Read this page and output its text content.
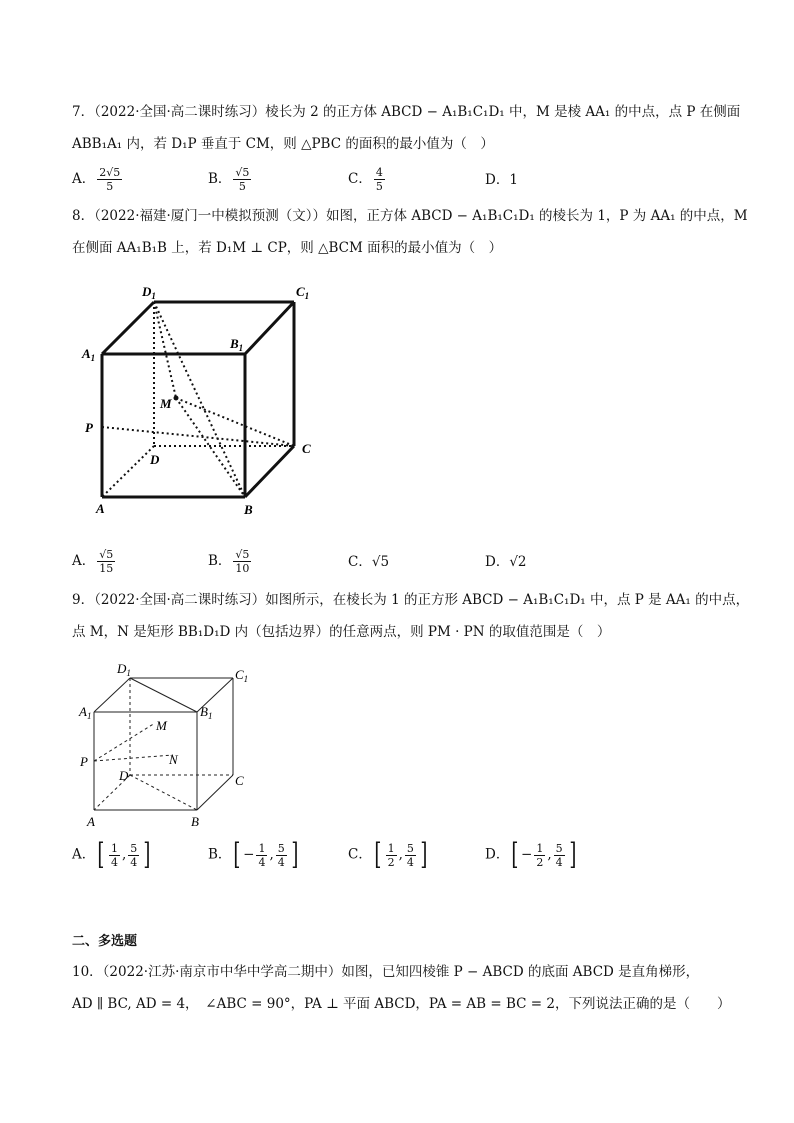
7．（2022·全国·高二课时练习）棱长为 2 的正方体 ABCD − A₁B₁C₁D₁ 中，M 是棱 AA₁ 的中点，点 P 在侧面
ABB₁A₁ 内，若 D₁P 垂直于 CM，则 △PBC 的面积的最小值为（　）
A． $\frac{2√5}{5}$	B． $\frac{√5}{5}$	C． $\frac{4}{5}$	D．1
8．（2022·福建·厦门一中模拟预测（文））如图，正方体 ABCD − A₁B₁C₁D₁ 的棱长为 1，P 为 AA₁ 的中点，M
在侧面 AA₁B₁B 上，若 D₁M ⊥ CP，则 △BCM 面积的最小值为（　）
$D_1$	$C_1$
$A_1$
$B_1$
M
P
D
C
A	B
A． $\frac{√5}{15}$	B． $\frac{√5}{10}$	C．√5	D．√2
9．（2022·全国·高二课时练习）如图所示，在棱长为 1 的正方形 ABCD − A₁B₁C₁D₁ 中，点 P 是 AA₁ 的中点，
点 M，N 是矩形 BB₁D₁D 内（包括边界）的任意两点，则 PM · PN 的取值范围是（　）
$D_1$	$C_1$
$A_1$	$B_1$
M
N
P
D	C
A	B
A．[ $\frac{1}{4}$ , $\frac{5}{4}$ ]	B．[ − $\frac{1}{4}$ , $\frac{5}{4}$ ]	C．[ $\frac{1}{2}$ , $\frac{5}{4}$ ]	D．[ − $\frac{1}{2}$ , $\frac{5}{4}$ ]
二、多选题
10．（2022·江苏·南京市中华中学高二期中）如图，已知四棱锥 P − ABCD 的底面 ABCD 是直角梯形，
AD ∥ BC, AD = 4，　∠ABC = 90°，PA ⊥ 平面 ABCD，PA = AB = BC = 2，下列说法正确的是（　　）
